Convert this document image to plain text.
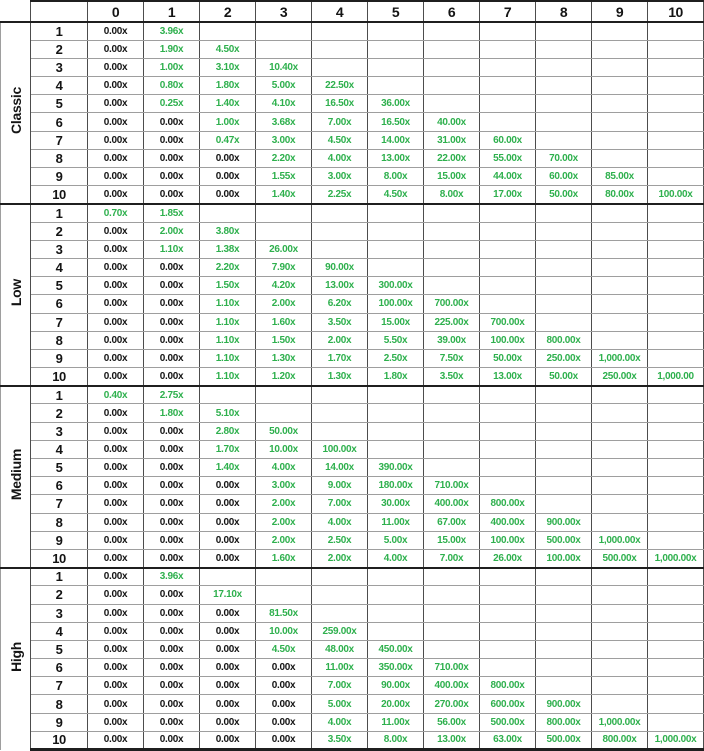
		0	1	2	3	4	5	6	7	8	9	10
Classic	1	0.00x	3.96x									
	2	0.00x	1.90x	4.50x								
	3	0.00x	1.00x	3.10x	10.40x							
	4	0.00x	0.80x	1.80x	5.00x	22.50x						
	5	0.00x	0.25x	1.40x	4.10x	16.50x	36.00x					
	6	0.00x	0.00x	1.00x	3.68x	7.00x	16.50x	40.00x				
	7	0.00x	0.00x	0.47x	3.00x	4.50x	14.00x	31.00x	60.00x			
	8	0.00x	0.00x	0.00x	2.20x	4.00x	13.00x	22.00x	55.00x	70.00x		
	9	0.00x	0.00x	0.00x	1.55x	3.00x	8.00x	15.00x	44.00x	60.00x	85.00x	
	10	0.00x	0.00x	0.00x	1.40x	2.25x	4.50x	8.00x	17.00x	50.00x	80.00x	100.00x
Low	1	0.70x	1.85x									
	2	0.00x	2.00x	3.80x								
	3	0.00x	1.10x	1.38x	26.00x							
	4	0.00x	0.00x	2.20x	7.90x	90.00x						
	5	0.00x	0.00x	1.50x	4.20x	13.00x	300.00x					
	6	0.00x	0.00x	1.10x	2.00x	6.20x	100.00x	700.00x				
	7	0.00x	0.00x	1.10x	1.60x	3.50x	15.00x	225.00x	700.00x			
	8	0.00x	0.00x	1.10x	1.50x	2.00x	5.50x	39.00x	100.00x	800.00x		
	9	0.00x	0.00x	1.10x	1.30x	1.70x	2.50x	7.50x	50.00x	250.00x	1,000.00x	
	10	0.00x	0.00x	1.10x	1.20x	1.30x	1.80x	3.50x	13.00x	50.00x	250.00x	1,000.00
Medium	1	0.40x	2.75x									
	2	0.00x	1.80x	5.10x								
	3	0.00x	0.00x	2.80x	50.00x							
	4	0.00x	0.00x	1.70x	10.00x	100.00x						
	5	0.00x	0.00x	1.40x	4.00x	14.00x	390.00x					
	6	0.00x	0.00x	0.00x	3.00x	9.00x	180.00x	710.00x				
	7	0.00x	0.00x	0.00x	2.00x	7.00x	30.00x	400.00x	800.00x			
	8	0.00x	0.00x	0.00x	2.00x	4.00x	11.00x	67.00x	400.00x	900.00x		
	9	0.00x	0.00x	0.00x	2.00x	2.50x	5.00x	15.00x	100.00x	500.00x	1,000.00x	
	10	0.00x	0.00x	0.00x	1.60x	2.00x	4.00x	7.00x	26.00x	100.00x	500.00x	1,000.00x
High	1	0.00x	3.96x									
	2	0.00x	0.00x	17.10x								
	3	0.00x	0.00x	0.00x	81.50x							
	4	0.00x	0.00x	0.00x	10.00x	259.00x						
	5	0.00x	0.00x	0.00x	4.50x	48.00x	450.00x					
	6	0.00x	0.00x	0.00x	0.00x	11.00x	350.00x	710.00x				
	7	0.00x	0.00x	0.00x	0.00x	7.00x	90.00x	400.00x	800.00x			
	8	0.00x	0.00x	0.00x	0.00x	5.00x	20.00x	270.00x	600.00x	900.00x		
	9	0.00x	0.00x	0.00x	0.00x	4.00x	11.00x	56.00x	500.00x	800.00x	1,000.00x	
	10	0.00x	0.00x	0.00x	0.00x	3.50x	8.00x	13.00x	63.00x	500.00x	800.00x	1,000.00x
